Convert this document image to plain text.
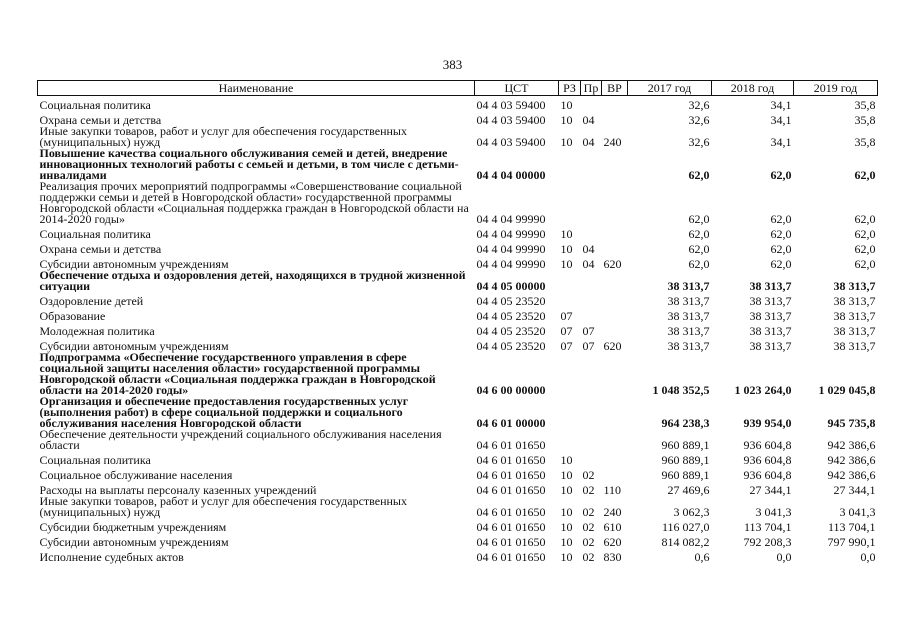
383
Наименование	ЦСТ	РЗ	Пр	ВР	2017 год	2018 год	2019 год
Социальная политика	04 4 03 59400	10			32,6	34,1	35,8
Охрана семьи и детства	04 4 03 59400	10	04		32,6	34,1	35,8
Иные закупки товаров, работ и услуг для обеспечения государственных (муниципальных) нужд	04 4 03 59400	10	04	240	32,6	34,1	35,8
Повышение качества социального обслуживания семей и детей, внедрение инновационных технологий работы с семьей и детьми, в том числе с детьми-инвалидами	04 4 04 00000				62,0	62,0	62,0
Реализация прочих мероприятий подпрограммы «Совершенствование социальной поддержки семьи и детей в Новгородской области» государственной программы Новгородской области «Социальная поддержка граждан в Новгородской области на 2014-2020 годы»	04 4 04 99990				62,0	62,0	62,0
Социальная политика	04 4 04 99990	10			62,0	62,0	62,0
Охрана семьи и детства	04 4 04 99990	10	04		62,0	62,0	62,0
Субсидии автономным учреждениям	04 4 04 99990	10	04	620	62,0	62,0	62,0
Обеспечение отдыха и оздоровления детей, находящихся в трудной жизненной ситуации	04 4 05 00000				38 313,7	38 313,7	38 313,7
Оздоровление детей	04 4 05 23520				38 313,7	38 313,7	38 313,7
Образование	04 4 05 23520	07			38 313,7	38 313,7	38 313,7
Молодежная политика	04 4 05 23520	07	07		38 313,7	38 313,7	38 313,7
Субсидии автономным учреждениям	04 4 05 23520	07	07	620	38 313,7	38 313,7	38 313,7
Подпрограмма «Обеспечение государственного управления в сфере социальной защиты населения области» государственной программы Новгородской области «Социальная поддержка граждан в Новгородской области на 2014-2020 годы»	04 6 00 00000				1 048 352,5	1 023 264,0	1 029 045,8
Организация и обеспечение предоставления государственных услуг (выполнения работ) в сфере социальной поддержки и социального обслуживания населения Новгородской области	04 6 01 00000				964 238,3	939 954,0	945 735,8
Обеспечение деятельности учреждений социального обслуживания населения области	04 6 01 01650				960 889,1	936 604,8	942 386,6
Социальная политика	04 6 01 01650	10			960 889,1	936 604,8	942 386,6
Социальное обслуживание населения	04 6 01 01650	10	02		960 889,1	936 604,8	942 386,6
Расходы на выплаты персоналу казенных учреждений	04 6 01 01650	10	02	110	27 469,6	27 344,1	27 344,1
Иные закупки товаров, работ и услуг для обеспечения государственных (муниципальных) нужд	04 6 01 01650	10	02	240	3 062,3	3 041,3	3 041,3
Субсидии бюджетным учреждениям	04 6 01 01650	10	02	610	116 027,0	113 704,1	113 704,1
Субсидии автономным учреждениям	04 6 01 01650	10	02	620	814 082,2	792 208,3	797 990,1
Исполнение судебных актов	04 6 01 01650	10	02	830	0,6	0,0	0,0
